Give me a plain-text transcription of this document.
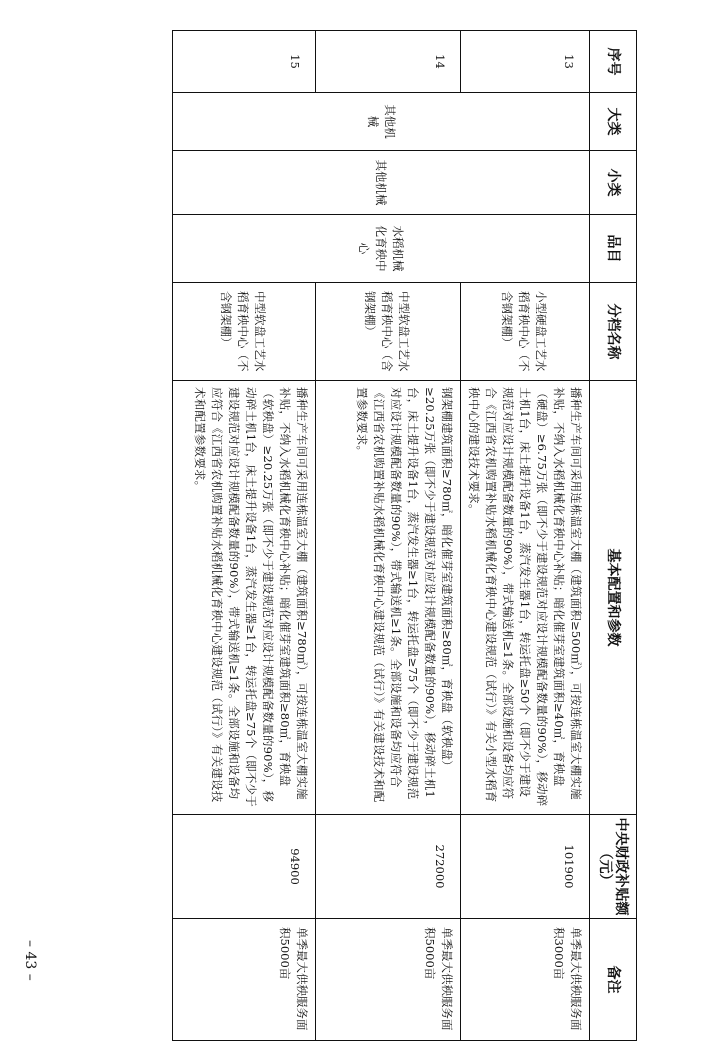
序号	大类	小类	品目	分档名称	基本配置和参数	中央财政补贴额（元）	备注
13	其他机械	其他机械	水稻机械化育秧中心	小型硬盘工艺水稻育秧中心（不含钢架棚）	播种生产车间可采用连栋温室大棚（建筑面积≥500㎡），可按连栋温室大棚实施补贴，不纳入水稻机械化育秧中心补贴；暗化催芽室建筑面积≥40㎡，育秧盘（硬盘）≥6.75万张（即不少于建设规范对应设计规模配备数量的90%），移动碎土机1台，床土提升设备1台，蒸汽发生器1台，转运托盘≥50个（即不少于建设规范对应设计规模配备数量的90%），带式输送机≥1条。全部设施和设备均应符合《江西省农机购置补贴水稻机械化育秧中心建设规范（试行）》有关小型水稻育秧中心的建设技术要求。	101900	单季最大供秧服务面积3000亩
14				中型软盘工艺水稻育秧中心（含钢架棚）	钢架棚建筑面积≥780㎡，暗化催芽室建筑面积≥80㎡，育秧盘（软秧盘）≥20.25万张（即不少于建设规范对应设计规模配备数量的90%），移动碎土机1台，床土提升设备1台，蒸汽发生器≥1台，转运托盘≥75个（即不少于建设规范对应设计规模配备数量的90%），带式输送机≥1条。全部设施和设备均应符合《江西省农机购置补贴水稻机械化育秧中心建设规范（试行）》有关建设技术和配置参数要求。	272000	单季最大供秧服务面积5000亩
15				中型软盘工艺水稻育秧中心（不含钢架棚）	播种生产车间可采用连栋温室大棚（建筑面积≥780㎡），可按连栋温室大棚实施补贴，不纳入水稻机械化育秧中心补贴；暗化催芽室建筑面积≥80㎡，育秧盘（软秧盘）≥20.25万张（即不少于建设规范对应设计规模配备数量的90%），移动碎土机1台，床土提升设备1台，蒸汽发生器≥1台，转运托盘≥75个（即不少于建设规范对应设计规模配备数量的90%），带式输送机≥1条。全部设施和设备均应符合《江西省农机购置补贴水稻机械化育秧中心建设规范（试行）》有关建设技术和配置参数要求。	94900	单季最大供秧服务面积5000亩
– 43 –
